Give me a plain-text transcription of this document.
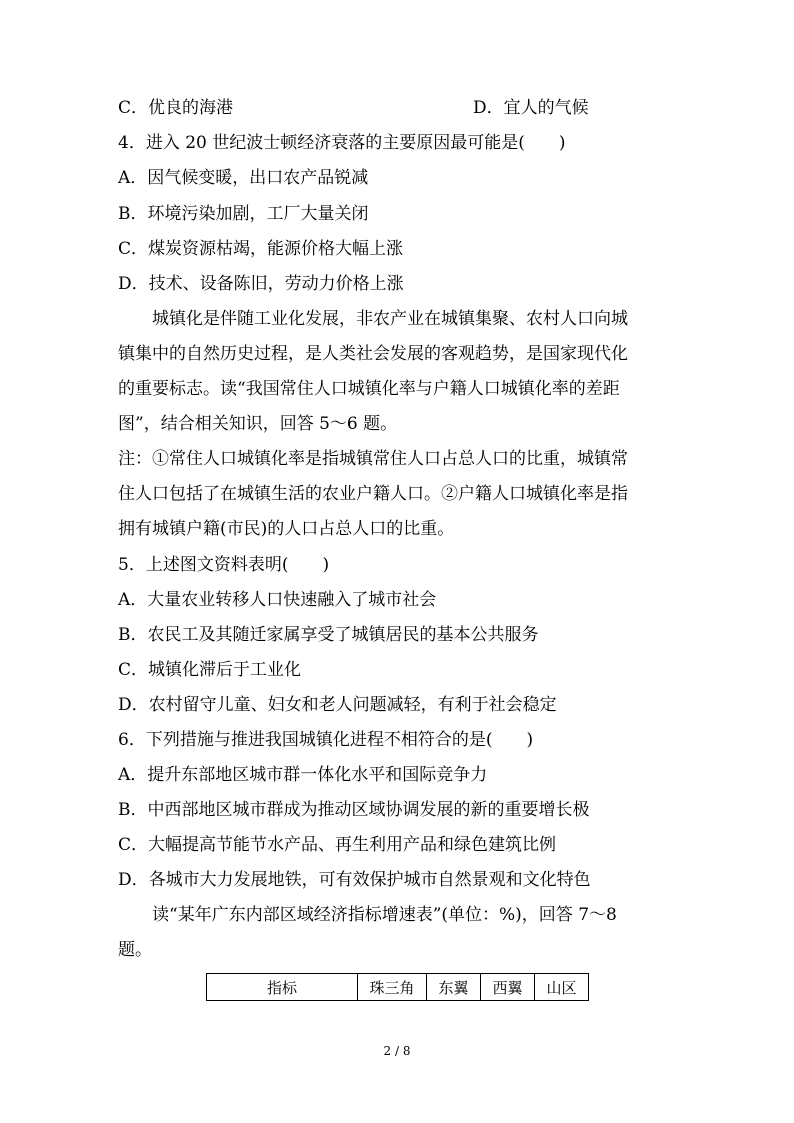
C．优良的海港	D．宜人的气候
4．进入 20 世纪波士顿经济衰落的主要原因最可能是(　　)
A．因气候变暖，出口农产品锐减
B．环境污染加剧，工厂大量关闭
C．煤炭资源枯竭，能源价格大幅上涨
D．技术、设备陈旧，劳动力价格上涨
城镇化是伴随工业化发展，非农产业在城镇集聚、农村人口向城
镇集中的自然历史过程，是人类社会发展的客观趋势，是国家现代化
的重要标志。读“我国常住人口城镇化率与户籍人口城镇化率的差距
图”，结合相关知识，回答 5～6 题。
注：①常住人口城镇化率是指城镇常住人口占总人口的比重，城镇常
住人口包括了在城镇生活的农业户籍人口。②户籍人口城镇化率是指
拥有城镇户籍(市民)的人口占总人口的比重。
5．上述图文资料表明(　　)
A．大量农业转移人口快速融入了城市社会
B．农民工及其随迁家属享受了城镇居民的基本公共服务
C．城镇化滞后于工业化
D．农村留守儿童、妇女和老人问题减轻，有利于社会稳定
6．下列措施与推进我国城镇化进程不相符合的是(　　)
A．提升东部地区城市群一体化水平和国际竞争力
B．中西部地区城市群成为推动区域协调发展的新的重要增长极
C．大幅提高节能节水产品、再生利用产品和绿色建筑比例
D．各城市大力发展地铁，可有效保护城市自然景观和文化特色
读“某年广东内部区域经济指标增速表”(单位：%)，回答 7～8
题。
指标	珠三角	东翼	西翼	山区
2 / 8
